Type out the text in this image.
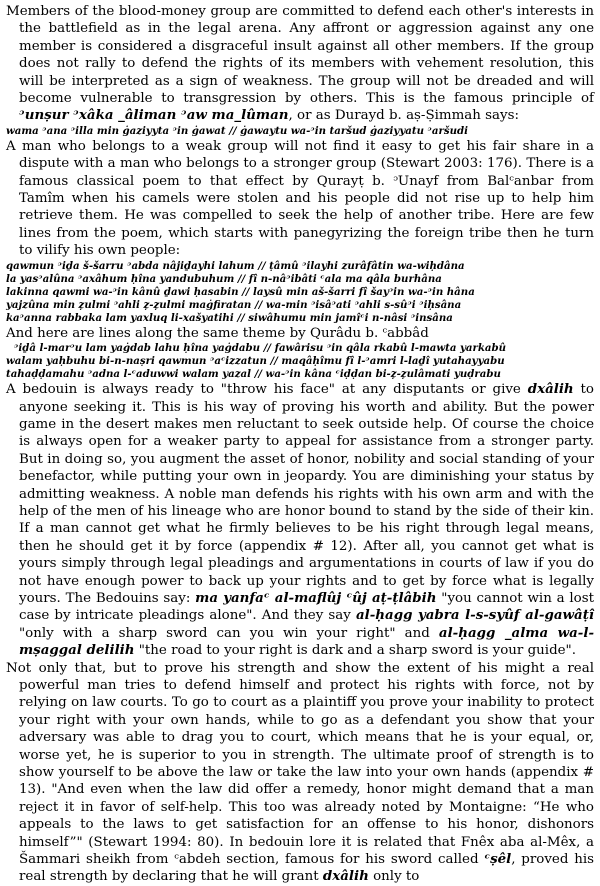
Members of the blood-money group are committed to defend each other's interests in the battlefield as in the legal arena. Any affront or aggression against any one member is considered a disgraceful insult against all other members. If the group does not rally to defend the rights of its members with vehement resolution, this will be interpreted as a sign of weakness. The group will not be dreaded and will become vulnerable to transgression by others. This is the famous principle of ᵓunṣur ᵓxâka _âliman ᵓaw ma_lûman, or as Durayd b. aṣ-Ṣimmah says:

wama ᵓana ᵓilla min ġaziyyta ᵓin ġawat // ġawaytu wa-ᵓin taršud ġaziyyatu ᵓaršudi

A man who belongs to a weak group will not find it easy to get his fair share in a dispute with a man who belongs to a stronger group (Stewart 2003: 176). There is a famous classical poem to that effect by Qurayṭ b. ᵓUnayf from Balᶜanbar from Tamîm when his camels were stolen and his people did not rise up to help him retrieve them. He was compelled to seek the help of another tribe. Here are few lines from the poem, which starts with panegyrizing the foreign tribe then he turn to vilify his own people:

qawmun ᵓiḏa š-šarru ᵓabda nâjiḏayhi lahum // ṭâmû ᵓilayhi zurâfâtin wa-wiḥdâna

la yasᵓalûna ᵓaxâhum ḥîna yandubuhum // fî n-nâᵓibâti ᶜala ma qâla burhâna

lakinna qawmi wa-ᵓin kânû ḏawi ḥasabin // laysû min aš-šarri fî šayᵓin wa-ᵓin hâna

yajzûna min ẓulmi ᵓahli ẓ-ẓulmi maġfiratan // wa-min ᵓisâᵓati ᵓahli s-sûᵓi ᵓiḥsâna

kaᵓanna rabbaka lam yaxluq li-xašyatihi // siwâhumu min jamîᶜi n-nâsi ᵓinsâna

And here are lines along the same theme by Qurâdu b. ᶜabbâd

ᵓiḏâ l-marᵓu lam yaġdab lahu ḥîna yaġdabu // fawârisu ᵓin qâla rkabû l-mawta yarkabû

walam yaḥbuhu bi-n-naṣri qawmun ᵓaᶜizzatun // maqâḥîmu fî l-ᵓamri l-laḏî yutahayyabu

tahaḍḍamahu ᵓadna l-ᶜaduwwi walam yazal // wa-ᵓin kâna ᶜiḍḍan bi-ẓ-ẓulâmati yuḍrabu

A bedouin is always ready to "throw his face" at any disputants or give dxâlih to anyone seeking it. This is his way of proving his worth and ability. But the power game in the desert makes men reluctant to seek outside help. Of course the choice is always open for a weaker party to appeal for assistance from a stronger party. But in doing so, you augment the asset of honor, nobility and social standing of your benefactor, while putting your own in jeopardy. You are diminishing your status by admitting weakness. A noble man defends his rights with his own arm and with the help of the men of his lineage who are honor bound to stand by the side of their kin. If a man cannot get what he firmly believes to be his right through legal means, then he should get it by force (appendix # 12). After all, you cannot get what is yours simply through legal pleadings and argumentations in courts of law if you do not have enough power to back up your rights and to get by force what is legally yours. The Bedouins say: ma yanfaᶜ al-maflûj ᶜûj aṭ-ṭlâbih "you cannot win a lost case by intricate pleadings alone". And they say al-ḥagg yabra l-s-syûf al-gawâṭî "only with a sharp sword can you win your right" and al-ḥagg _alma wa-l-mṣaggal delilih "the road to your right is dark and a sharp sword is your guide".

Not only that, but to prove his strength and show the extent of his might a real powerful man tries to defend himself and protect his rights with force, not by relying on law courts. To go to court as a plaintiff you prove your inability to protect your right with your own hands, while to go as a defendant you show that your adversary was able to drag you to court, which means that he is your equal, or, worse yet, he is superior to you in strength. The ultimate proof of strength is to show yourself to be above the law or take the law into your own hands (appendix # 13). "And even when the law did offer a remedy, honor might demand that a man reject it in favor of self-help. This too was already noted by Montaigne: “He who appeals to the laws to get satisfaction for an offense to his honor, dishonors himself”" (Stewart 1994: 80). In bedouin lore it is related that Fnêx aba al-Mêx, a Šammari sheikh from ᶜabdeh section, famous for his sword called ᶜṣêl, proved his real strength by declaring that he will grant dxâlih only to
